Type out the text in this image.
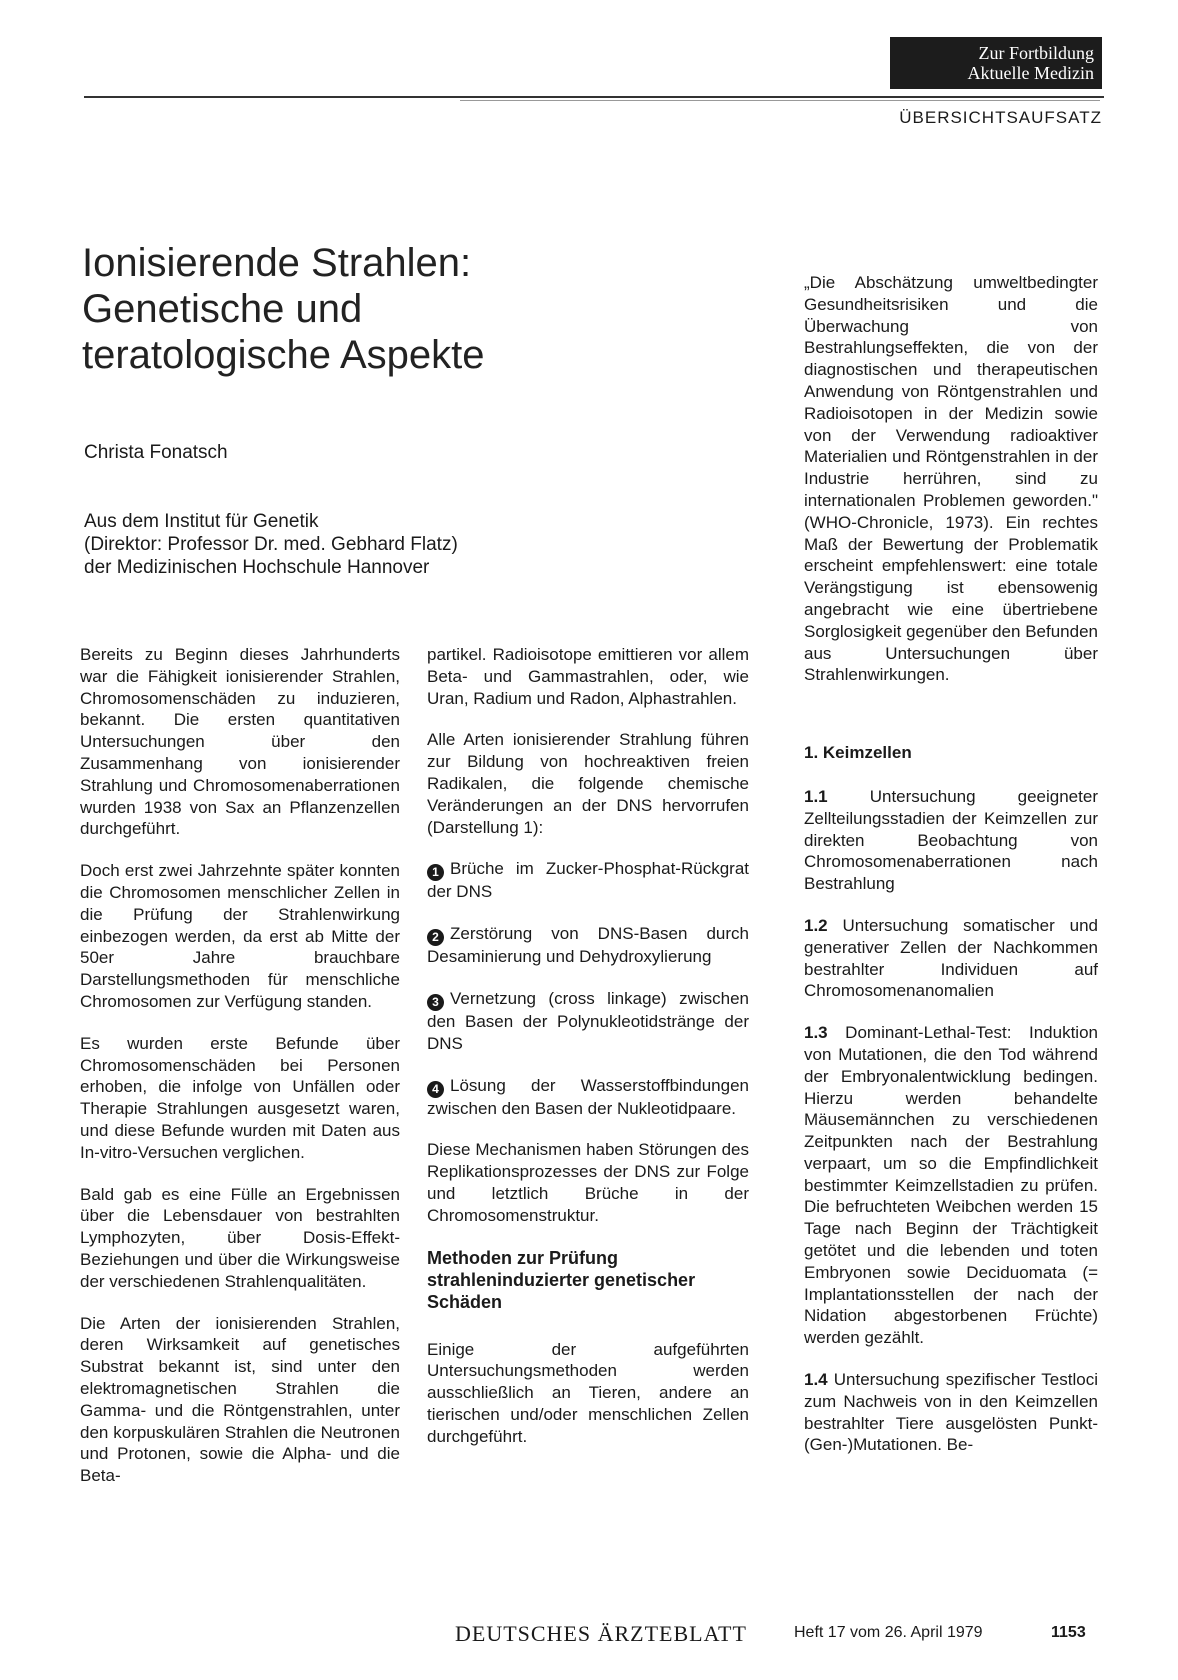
Zur Fortbildung
Aktuelle Medizin
ÜBERSICHTSAUFSATZ
Ionisierende Strahlen:
Genetische und
teratologische Aspekte
Christa Fonatsch
Aus dem Institut für Genetik
(Direktor: Professor Dr. med. Gebhard Flatz)
der Medizinischen Hochschule Hannover

Bereits zu Beginn dieses Jahrhunderts war die Fähigkeit ionisierender Strahlen, Chromosomenschäden zu induzieren, bekannt. Die ersten quantitativen Untersuchungen über den Zusammenhang von ionisierender Strahlung und Chromosomenaberrationen wurden 1938 von Sax an Pflanzenzellen durchgeführt.

Doch erst zwei Jahrzehnte später konnten die Chromosomen menschlicher Zellen in die Prüfung der Strahlenwirkung einbezogen werden, da erst ab Mitte der 50er Jahre brauchbare Darstellungsmethoden für menschliche Chromosomen zur Verfügung standen.

Es wurden erste Befunde über Chromosomenschäden bei Personen erhoben, die infolge von Unfällen oder Therapie Strahlungen ausgesetzt waren, und diese Befunde wurden mit Daten aus In-vitro-Versuchen verglichen.

Bald gab es eine Fülle an Ergebnissen über die Lebensdauer von bestrahlten Lymphozyten, über Dosis-Effekt-Beziehungen und über die Wirkungsweise der verschiedenen Strahlenqualitäten.

Die Arten der ionisierenden Strahlen, deren Wirksamkeit auf genetisches Substrat bekannt ist, sind unter den elektromagnetischen Strahlen die Gamma- und die Röntgenstrahlen, unter den korpuskulären Strahlen die Neutronen und Protonen, sowie die Alpha- und die Beta-

partikel. Radioisotope emittieren vor allem Beta- und Gammastrahlen, oder, wie Uran, Radium und Radon, Alphastrahlen.

Alle Arten ionisierender Strahlung führen zur Bildung von hochreaktiven freien Radikalen, die folgende chemische Veränderungen an der DNS hervorrufen (Darstellung 1):

1 Brüche im Zucker-Phosphat-Rückgrat der DNS

2 Zerstörung von DNS-Basen durch Desaminierung und Dehydroxylierung

3 Vernetzung (cross linkage) zwischen den Basen der Polynukleotidstränge der DNS

4 Lösung der Wasserstoffbindungen zwischen den Basen der Nukleotidpaare.

Diese Mechanismen haben Störungen des Replikationsprozesses der DNS zur Folge und letztlich Brüche in der Chromosomenstruktur.

Methoden zur Prüfung strahleninduzierter genetischer Schäden

Einige der aufgeführten Untersuchungsmethoden werden ausschließlich an Tieren, andere an tierischen und/oder menschlichen Zellen durchgeführt.

„Die Abschätzung umweltbedingter Gesundheitsrisiken und die Überwachung von Bestrahlungseffekten, die von der diagnostischen und therapeutischen Anwendung von Röntgenstrahlen und Radioisotopen in der Medizin sowie von der Verwendung radioaktiver Materialien und Röntgenstrahlen in der Industrie herrühren, sind zu internationalen Problemen geworden." (WHO-Chronicle, 1973). Ein rechtes Maß der Bewertung der Problematik erscheint empfehlenswert: eine totale Verängstigung ist ebensowenig angebracht wie eine übertriebene Sorglosigkeit gegenüber den Befunden aus Untersuchungen über Strahlenwirkungen.

1. Keimzellen

1.1 Untersuchung geeigneter Zellteilungsstadien der Keimzellen zur direkten Beobachtung von Chromosomenaberrationen nach Bestrahlung

1.2 Untersuchung somatischer und generativer Zellen der Nachkommen bestrahlter Individuen auf Chromosomenanomalien

1.3 Dominant-Lethal-Test: Induktion von Mutationen, die den Tod während der Embryonalentwicklung bedingen. Hierzu werden behandelte Mäusemännchen zu verschiedenen Zeitpunkten nach der Bestrahlung verpaart, um so die Empfindlichkeit bestimmter Keimzellstadien zu prüfen. Die befruchteten Weibchen werden 15 Tage nach Beginn der Trächtigkeit getötet und die lebenden und toten Embryonen sowie Deciduomata (= Implantationsstellen der nach der Nidation abgestorbenen Früchte) werden gezählt.

1.4 Untersuchung spezifischer Testloci zum Nachweis von in den Keimzellen bestrahlter Tiere ausgelösten Punkt-(Gen-)Mutationen. Be-

DEUTSCHES ÄRZTEBLATT	Heft 17 vom 26. April 1979	1153
